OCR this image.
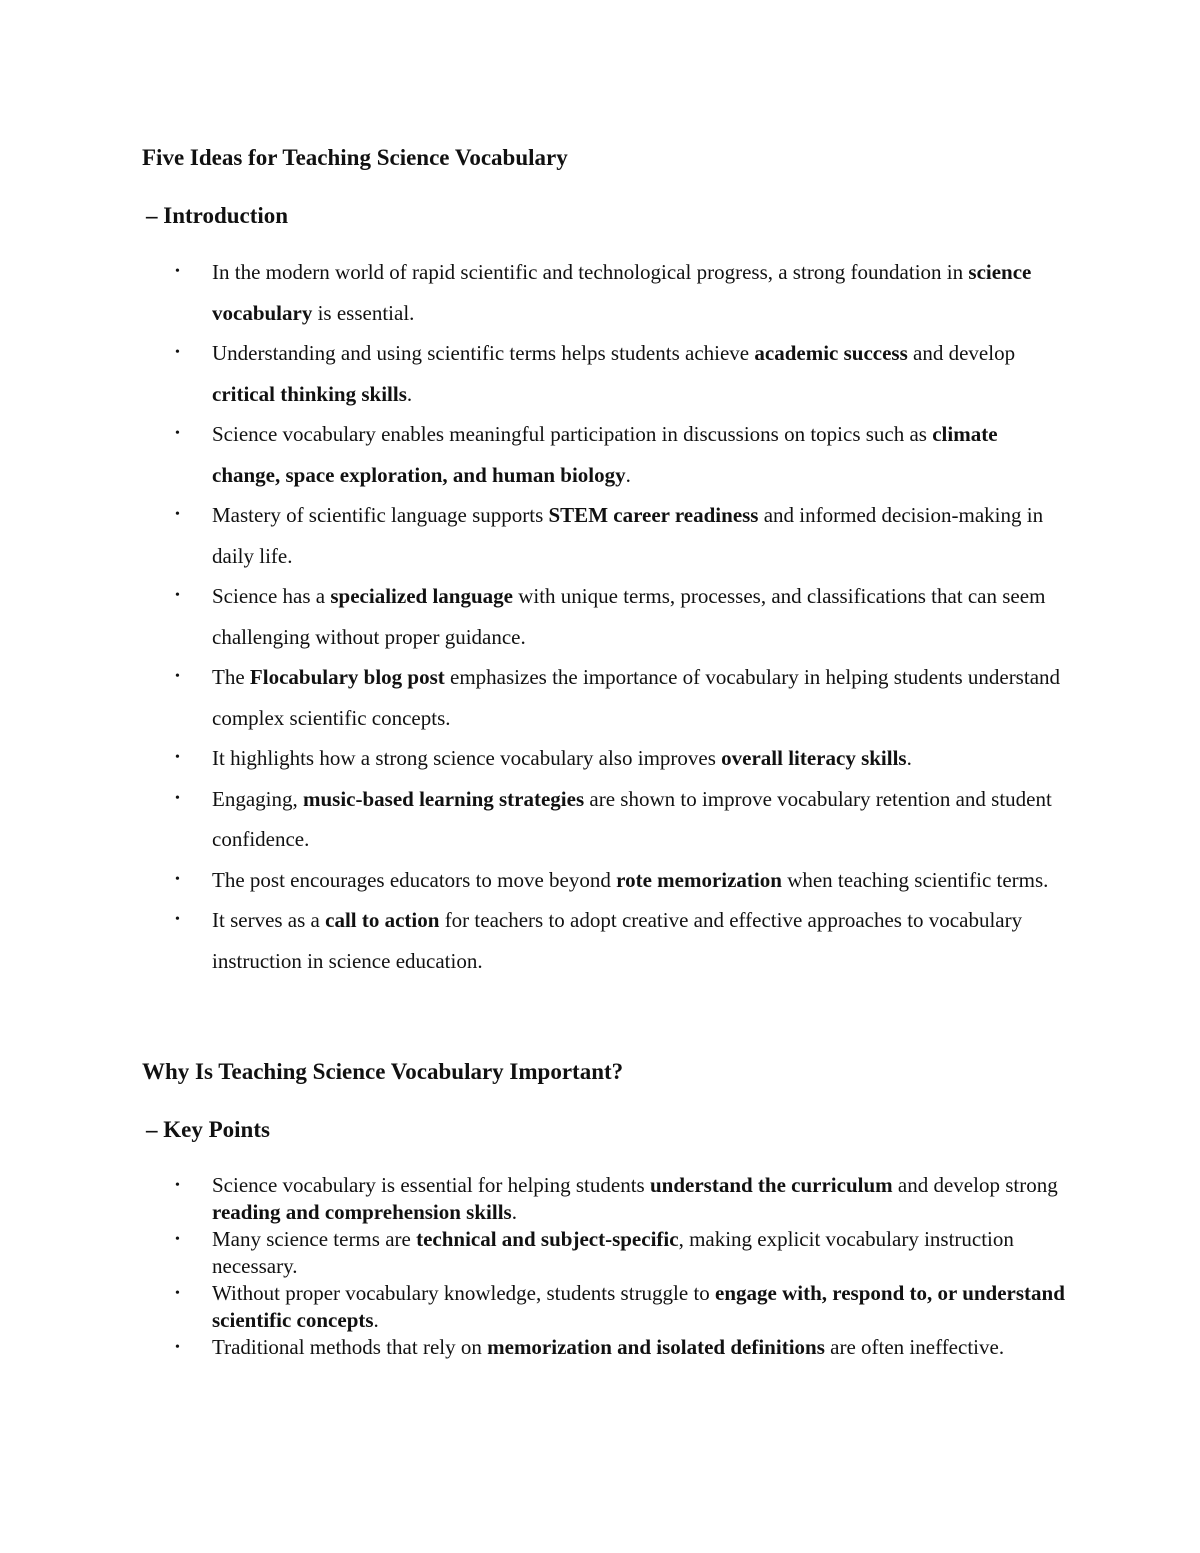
Five Ideas for Teaching Science Vocabulary
– Introduction
• In the modern world of rapid scientific and technological progress, a strong foundation in science vocabulary is essential.
• Understanding and using scientific terms helps students achieve academic success and develop critical thinking skills.
• Science vocabulary enables meaningful participation in discussions on topics such as climate change, space exploration, and human biology.
• Mastery of scientific language supports STEM career readiness and informed decision-making in daily life.
• Science has a specialized language with unique terms, processes, and classifications that can seem challenging without proper guidance.
• The Flocabulary blog post emphasizes the importance of vocabulary in helping students understand complex scientific concepts.
• It highlights how a strong science vocabulary also improves overall literacy skills.
• Engaging, music-based learning strategies are shown to improve vocabulary retention and student confidence.
• The post encourages educators to move beyond rote memorization when teaching scientific terms.
• It serves as a call to action for teachers to adopt creative and effective approaches to vocabulary instruction in science education.
Why Is Teaching Science Vocabulary Important?
– Key Points
• Science vocabulary is essential for helping students understand the curriculum and develop strong reading and comprehension skills.
• Many science terms are technical and subject-specific, making explicit vocabulary instruction necessary.
• Without proper vocabulary knowledge, students struggle to engage with, respond to, or understand scientific concepts.
• Traditional methods that rely on memorization and isolated definitions are often ineffective.
